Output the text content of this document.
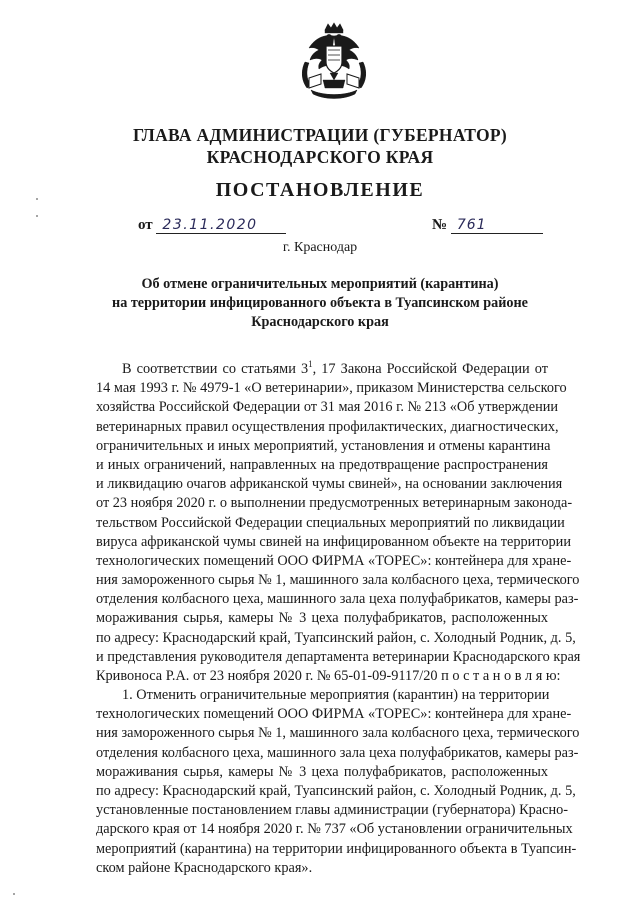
ГЛАВА АДМИНИСТРАЦИИ (ГУБЕРНАТОР)
КРАСНОДАРСКОГО КРАЯ
ПОСТАНОВЛЕНИЕ
от 23.11.2020	№ 761
г. Краснодар
Об отмене ограничительных мероприятий (карантина)
на территории инфицированного объекта в Туапсинском районе
Краснодарского края
В соответствии со статьями $3^1$, 17 Закона Российской Федерации от
14 мая 1993 г. № 4979-1 «О ветеринарии», приказом Министерства сельского
хозяйства Российской Федерации от 31 мая 2016 г. № 213 «Об утверждении
ветеринарных правил осуществления профилактических, диагностических,
ограничительных и иных мероприятий, установления и отмены карантина
и иных ограничений, направленных на предотвращение распространения
и ликвидацию очагов африканской чумы свиней», на основании заключения
от 23 ноября 2020 г. о выполнении предусмотренных ветеринарным законода-
тельством Российской Федерации специальных мероприятий по ликвидации
вируса африканской чумы свиней на инфицированном объекте на территории
технологических помещений ООО ФИРМА «ТОРЕС»: контейнера для хране-
ния замороженного сырья № 1, машинного зала колбасного цеха, термического
отделения колбасного цеха, машинного зала цеха полуфабрикатов, камеры раз-
мораживания сырья, камеры № 3 цеха полуфабрикатов, расположенных
по адресу: Краснодарский край, Туапсинский район, с. Холодный Родник, д. 5,
и представления руководителя департамента ветеринарии Краснодарского края
Кривоноса Р.А. от 23 ноября 2020 г. № 65-01-09-9117/20 п о с т а н о в л я ю:
1. Отменить ограничительные мероприятия (карантин) на территории
технологических помещений ООО ФИРМА «ТОРЕС»: контейнера для хране-
ния замороженного сырья № 1, машинного зала колбасного цеха, термического
отделения колбасного цеха, машинного зала цеха полуфабрикатов, камеры раз-
мораживания сырья, камеры № 3 цеха полуфабрикатов, расположенных
по адресу: Краснодарский край, Туапсинский район, с. Холодный Родник, д. 5,
установленные постановлением главы администрации (губернатора) Красно-
дарского края от 14 ноября 2020 г. № 737 «Об установлении ограничительных
мероприятий (карантина) на территории инфицированного объекта в Туапсин-
ском районе Краснодарского края».
